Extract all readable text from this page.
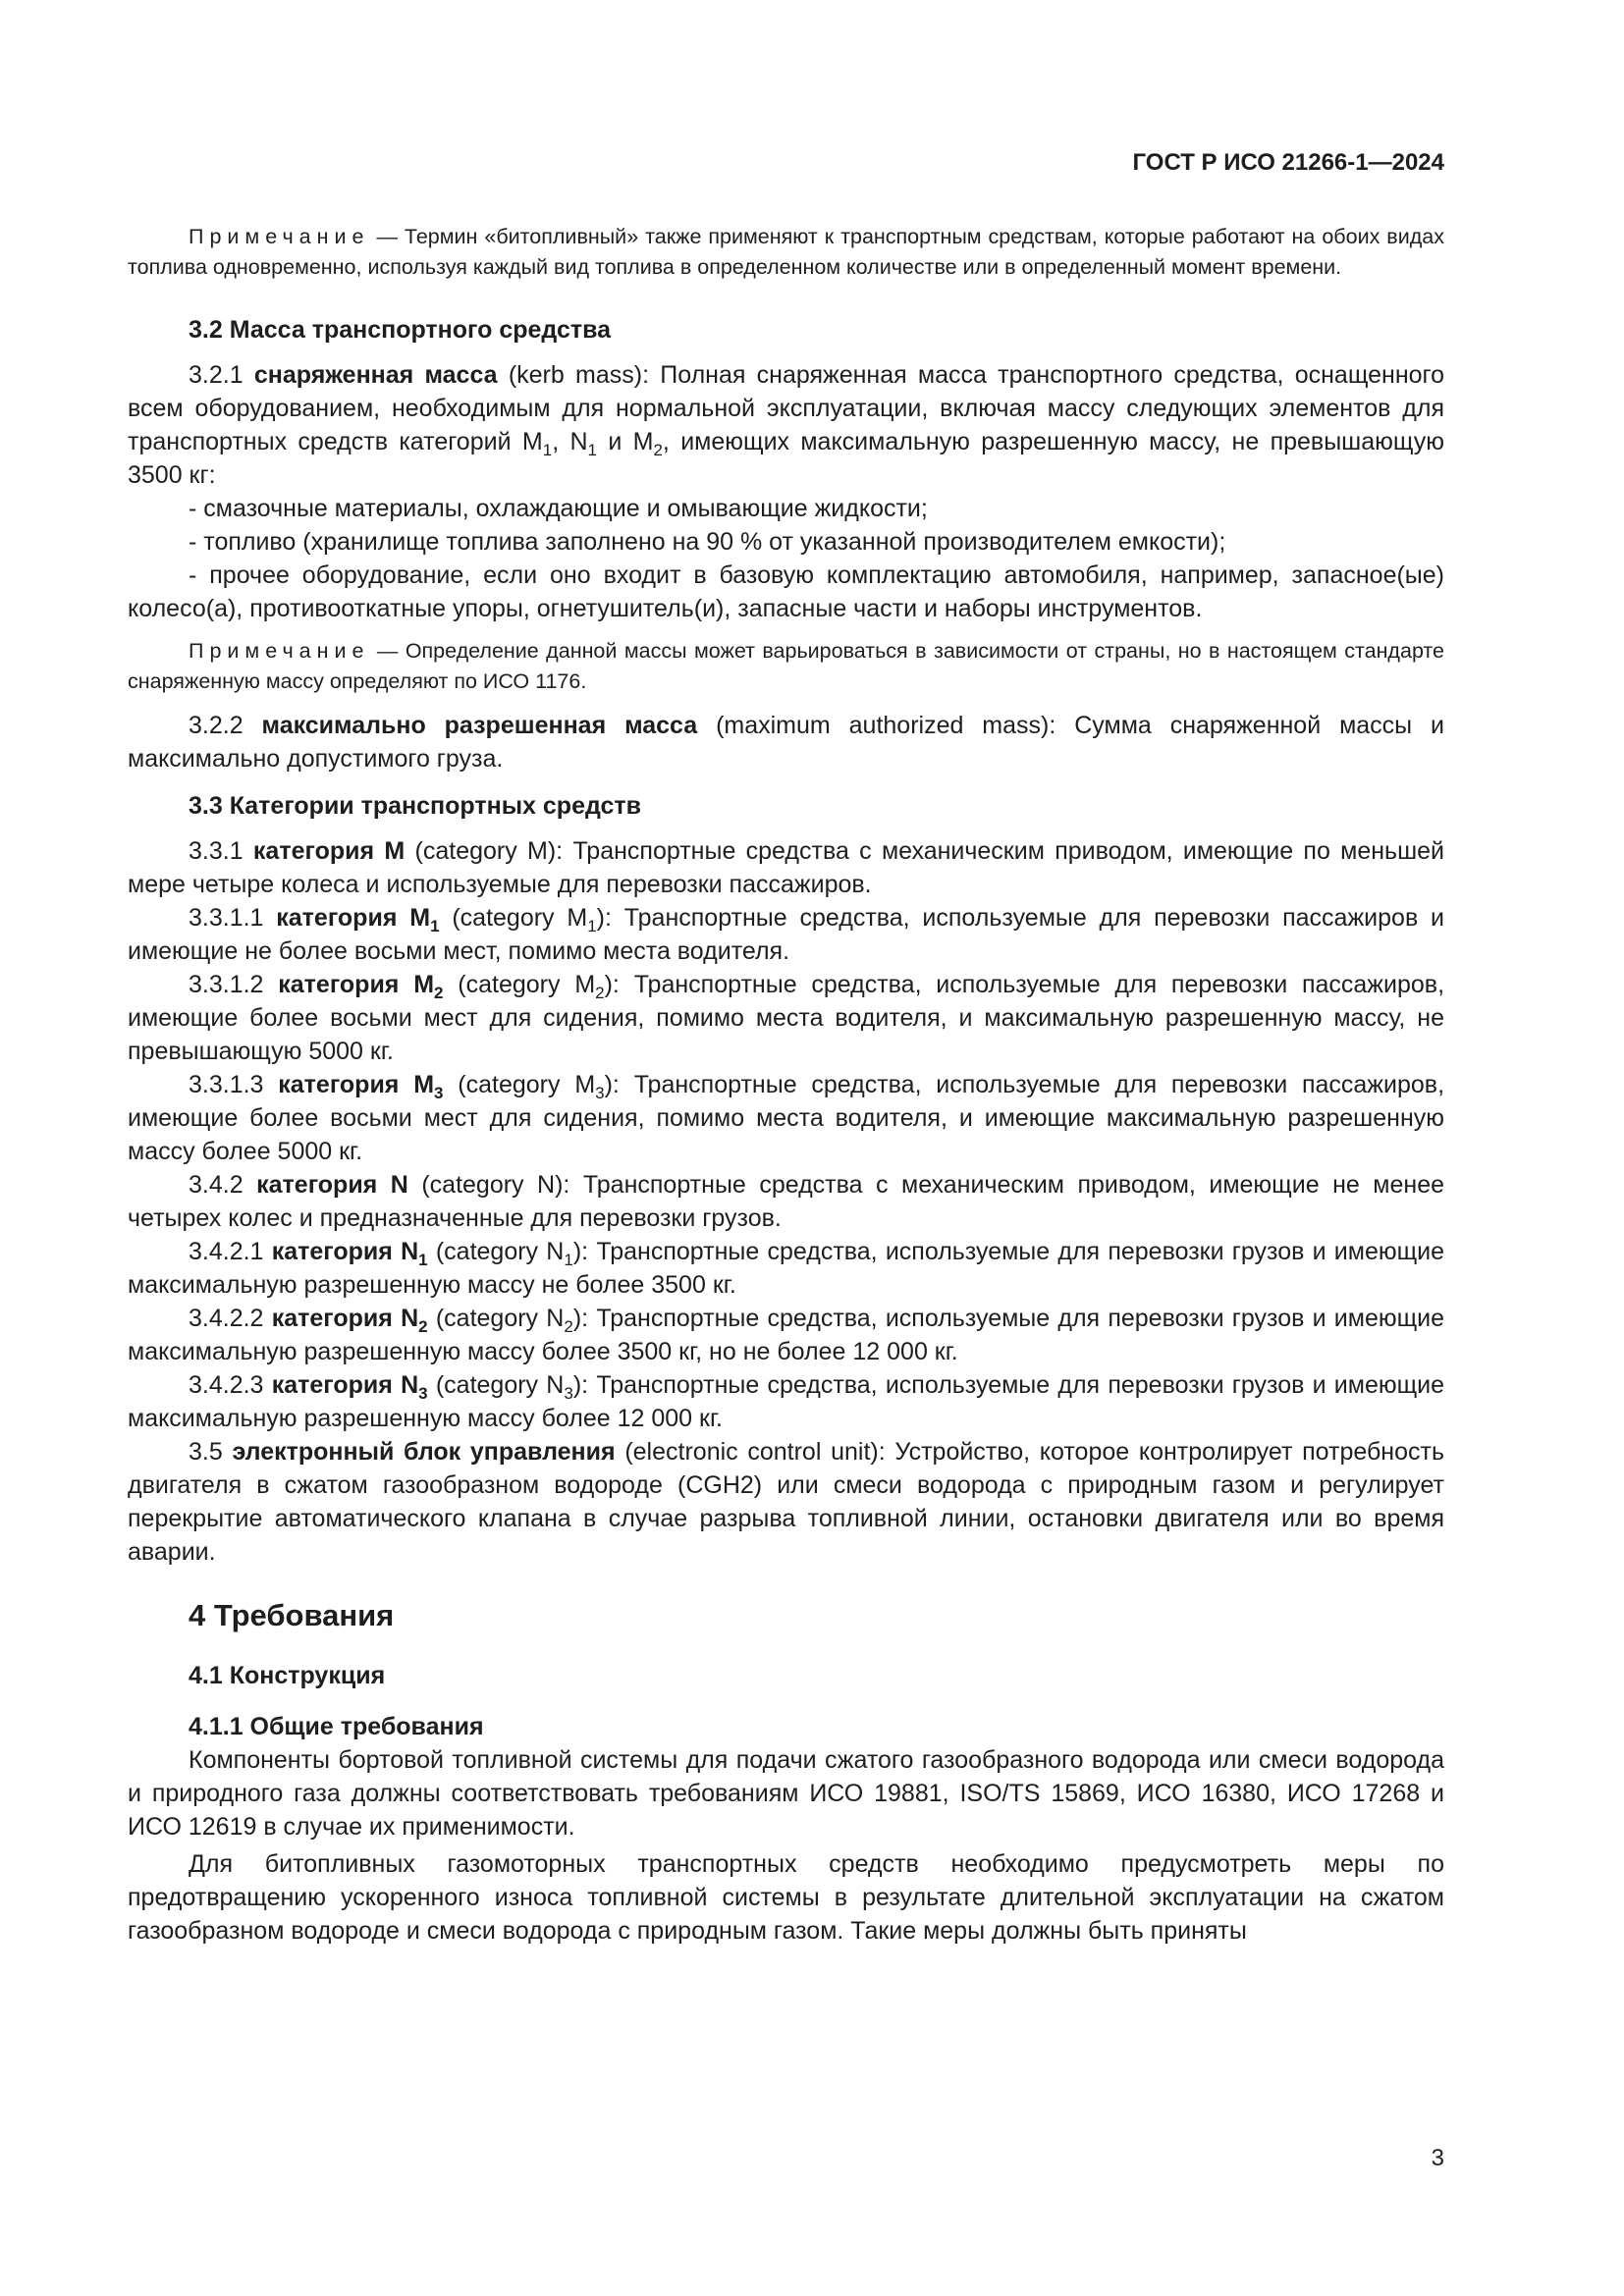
ГОСТ Р ИСО 21266-1—2024

Примечание — Термин «битопливный» также применяют к транспортным средствам, которые работают на обоих видах топлива одновременно, используя каждый вид топлива в определенном количестве или в определенный момент времени.

3.2 Масса транспортного средства

3.2.1 снаряженная масса (kerb mass): Полная снаряженная масса транспортного средства, оснащенного всем оборудованием, необходимым для нормальной эксплуатации, включая массу следующих элементов для транспортных средств категорий $M_1$, $N_1$ и $M_2$, имеющих максимальную разрешенную массу, не превышающую 3500 кг:

- смазочные материалы, охлаждающие и омывающие жидкости;

- топливо (хранилище топлива заполнено на 90 % от указанной производителем емкости);

- прочее оборудование, если оно входит в базовую комплектацию автомобиля, например, запасное(ые) колесо(а), противооткатные упоры, огнетушитель(и), запасные части и наборы инструментов.

Примечание — Определение данной массы может варьироваться в зависимости от страны, но в настоящем стандарте снаряженную массу определяют по ИСО 1176.

3.2.2 максимально разрешенная масса (maximum authorized mass): Сумма снаряженной массы и максимально допустимого груза.

3.3 Категории транспортных средств

3.3.1 категория M (category M): Транспортные средства с механическим приводом, имеющие по меньшей мере четыре колеса и используемые для перевозки пассажиров.

3.3.1.1 категория $M_1$ (category $M_1$): Транспортные средства, используемые для перевозки пассажиров и имеющие не более восьми мест, помимо места водителя.

3.3.1.2 категория $M_2$ (category $M_2$): Транспортные средства, используемые для перевозки пассажиров, имеющие более восьми мест для сидения, помимо места водителя, и максимальную разрешенную массу, не превышающую 5000 кг.

3.3.1.3 категория $M_3$ (category $M_3$): Транспортные средства, используемые для перевозки пассажиров, имеющие более восьми мест для сидения, помимо места водителя, и имеющие максимальную разрешенную массу более 5000 кг.

3.4.2 категория N (category N): Транспортные средства с механическим приводом, имеющие не менее четырех колес и предназначенные для перевозки грузов.

3.4.2.1 категория $N_1$ (category $N_1$): Транспортные средства, используемые для перевозки грузов и имеющие максимальную разрешенную массу не более 3500 кг.

3.4.2.2 категория $N_2$ (category $N_2$): Транспортные средства, используемые для перевозки грузов и имеющие максимальную разрешенную массу более 3500 кг, но не более 12 000 кг.

3.4.2.3 категория $N_3$ (category $N_3$): Транспортные средства, используемые для перевозки грузов и имеющие максимальную разрешенную массу более 12 000 кг.

3.5 электронный блок управления (electronic control unit): Устройство, которое контролирует потребность двигателя в сжатом газообразном водороде (CGH2) или смеси водорода с природным газом и регулирует перекрытие автоматического клапана в случае разрыва топливной линии, остановки двигателя или во время аварии.

4 Требования

4.1 Конструкция

4.1.1 Общие требования

Компоненты бортовой топливной системы для подачи сжатого газообразного водорода или смеси водорода и природного газа должны соответствовать требованиям ИСО 19881, ISO/TS 15869, ИСО 16380, ИСО 17268 и ИСО 12619 в случае их применимости.

Для битопливных газомоторных транспортных средств необходимо предусмотреть меры по предотвращению ускоренного износа топливной системы в результате длительной эксплуатации на сжатом газообразном водороде и смеси водорода с природным газом. Такие меры должны быть приняты

3
